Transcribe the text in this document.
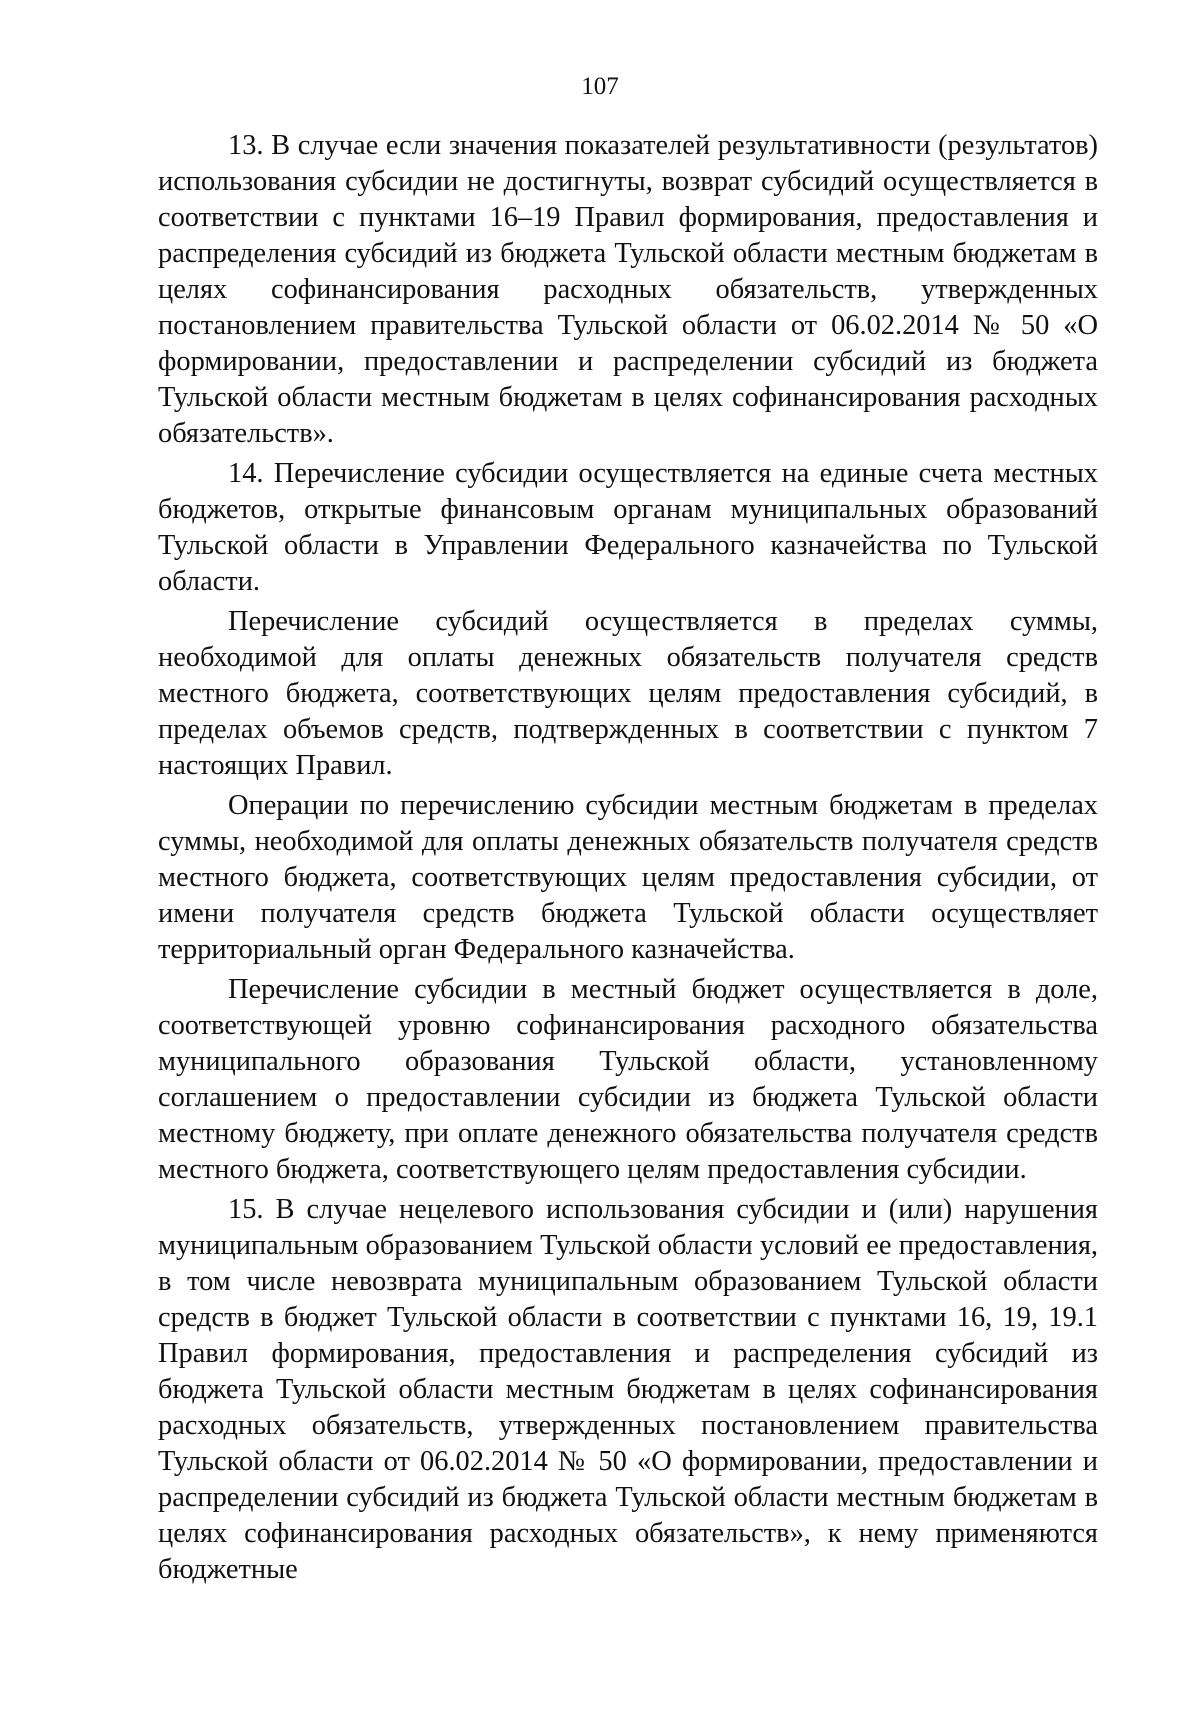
107

13. В случае если значения показателей результативности (результатов) использования субсидии не достигнуты, возврат субсидий осуществляется в соответствии с пунктами 16–19 Правил формирования, предоставления и распределения субсидий из бюджета Тульской области местным бюджетам в целях софинансирования расходных обязательств, утвержденных постановлением правительства Тульской области от 06.02.2014 № 50 «О формировании, предоставлении и распределении субсидий из бюджета Тульской области местным бюджетам в целях софинансирования расходных обязательств».

14. Перечисление субсидии осуществляется на единые счета местных бюджетов, открытые финансовым органам муниципальных образований Тульской области в Управлении Федерального казначейства по Тульской области.

Перечисление субсидий осуществляется в пределах суммы, необходимой для оплаты денежных обязательств получателя средств местного бюджета, соответствующих целям предоставления субсидий, в пределах объемов средств, подтвержденных в соответствии с пунктом 7 настоящих Правил.

Операции по перечислению субсидии местным бюджетам в пределах суммы, необходимой для оплаты денежных обязательств получателя средств местного бюджета, соответствующих целям предоставления субсидии, от имени получателя средств бюджета Тульской области осуществляет территориальный орган Федерального казначейства.

Перечисление субсидии в местный бюджет осуществляется в доле, соответствующей уровню софинансирования расходного обязательства муниципального образования Тульской области, установленному соглашением о предоставлении субсидии из бюджета Тульской области местному бюджету, при оплате денежного обязательства получателя средств местного бюджета, соответствующего целям предоставления субсидии.

15. В случае нецелевого использования субсидии и (или) нарушения муниципальным образованием Тульской области условий ее предоставления, в том числе невозврата муниципальным образованием Тульской области средств в бюджет Тульской области в соответствии с пунктами 16, 19, 19.1 Правил формирования, предоставления и распределения субсидий из бюджета Тульской области местным бюджетам в целях софинансирования расходных обязательств, утвержденных постановлением правительства Тульской области от 06.02.2014 № 50 «О формировании, предоставлении и распределении субсидий из бюджета Тульской области местным бюджетам в целях софинансирования расходных обязательств», к нему применяются бюджетные
